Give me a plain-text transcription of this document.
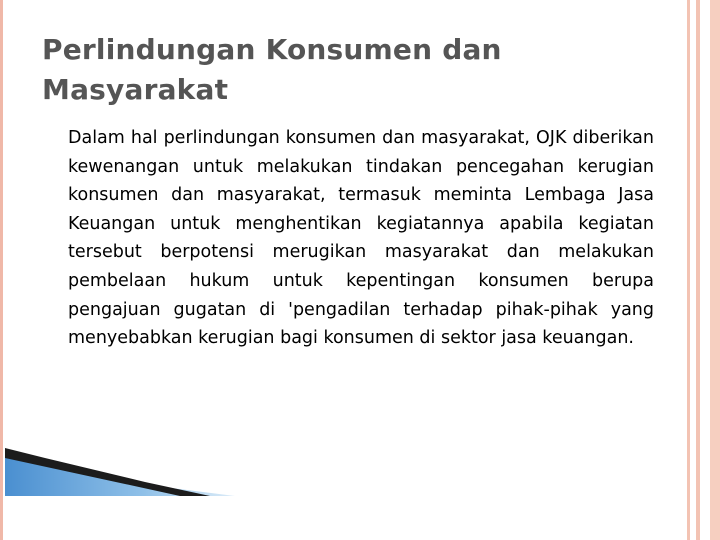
Perlindungan Konsumen dan Masyarakat

Dalam hal perlindungan konsumen dan masyarakat, OJK diberikan kewenangan untuk melakukan tindakan pencegahan kerugian konsumen dan masyarakat, termasuk meminta Lembaga Jasa Keuangan untuk menghentikan kegiatannya apabila kegiatan tersebut berpotensi merugikan masyarakat dan melakukan pembelaan hukum untuk kepentingan konsumen berupa pengajuan gugatan di 'pengadilan terhadap pihak-pihak yang menyebabkan kerugian bagi konsumen di sektor jasa keuangan.
